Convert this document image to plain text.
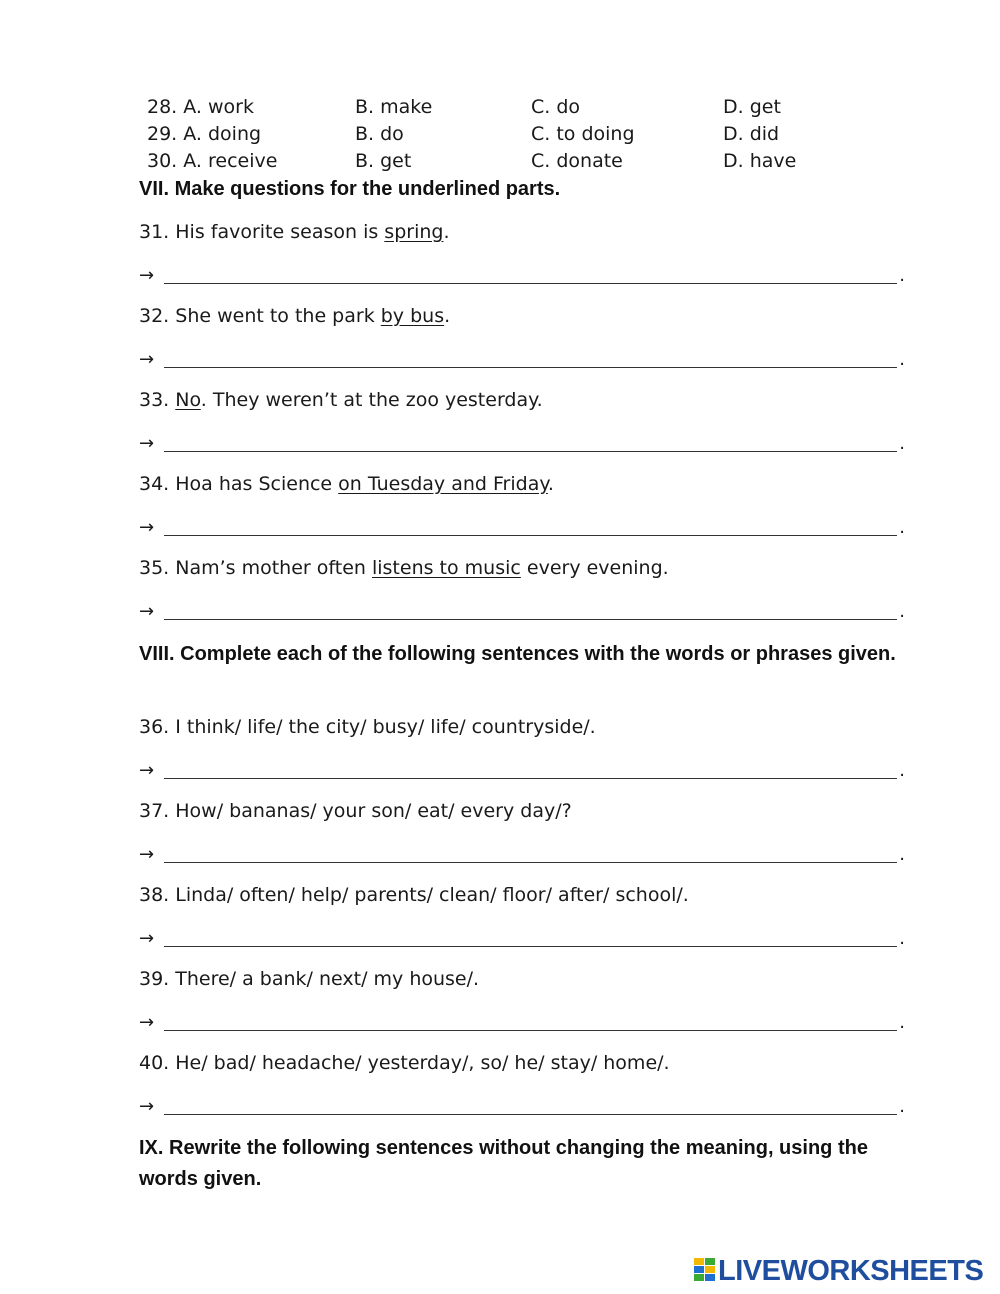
28. A. work	B. make	C. do	D. get
29. A. doing	B. do	C. to doing	D. did
30. A. receive	B. get	C. donate	D. have
VII. Make questions for the underlined parts.
31. His favorite season is spring.
→	.
32. She went to the park by bus.
→	.
33. No. They weren’t at the zoo yesterday.
→	.
34. Hoa has Science on Tuesday and Friday.
→	.
35. Nam’s mother often listens to music every evening.
→	.
VIII. Complete each of the following sentences with the words or phrases given.
36. I think/ life/ the city/ busy/ life/ countryside/.
→	.
37. How/ bananas/ your son/ eat/ every day/?
→	.
38. Linda/ often/ help/ parents/ clean/ floor/ after/ school/.
→	.
39. There/ a bank/ next/ my house/.
→	.
40. He/ bad/ headache/ yesterday/, so/ he/ stay/ home/.
→	.
IX. Rewrite the following sentences without changing the meaning, using the words given.
LIVEWORKSHEETS
